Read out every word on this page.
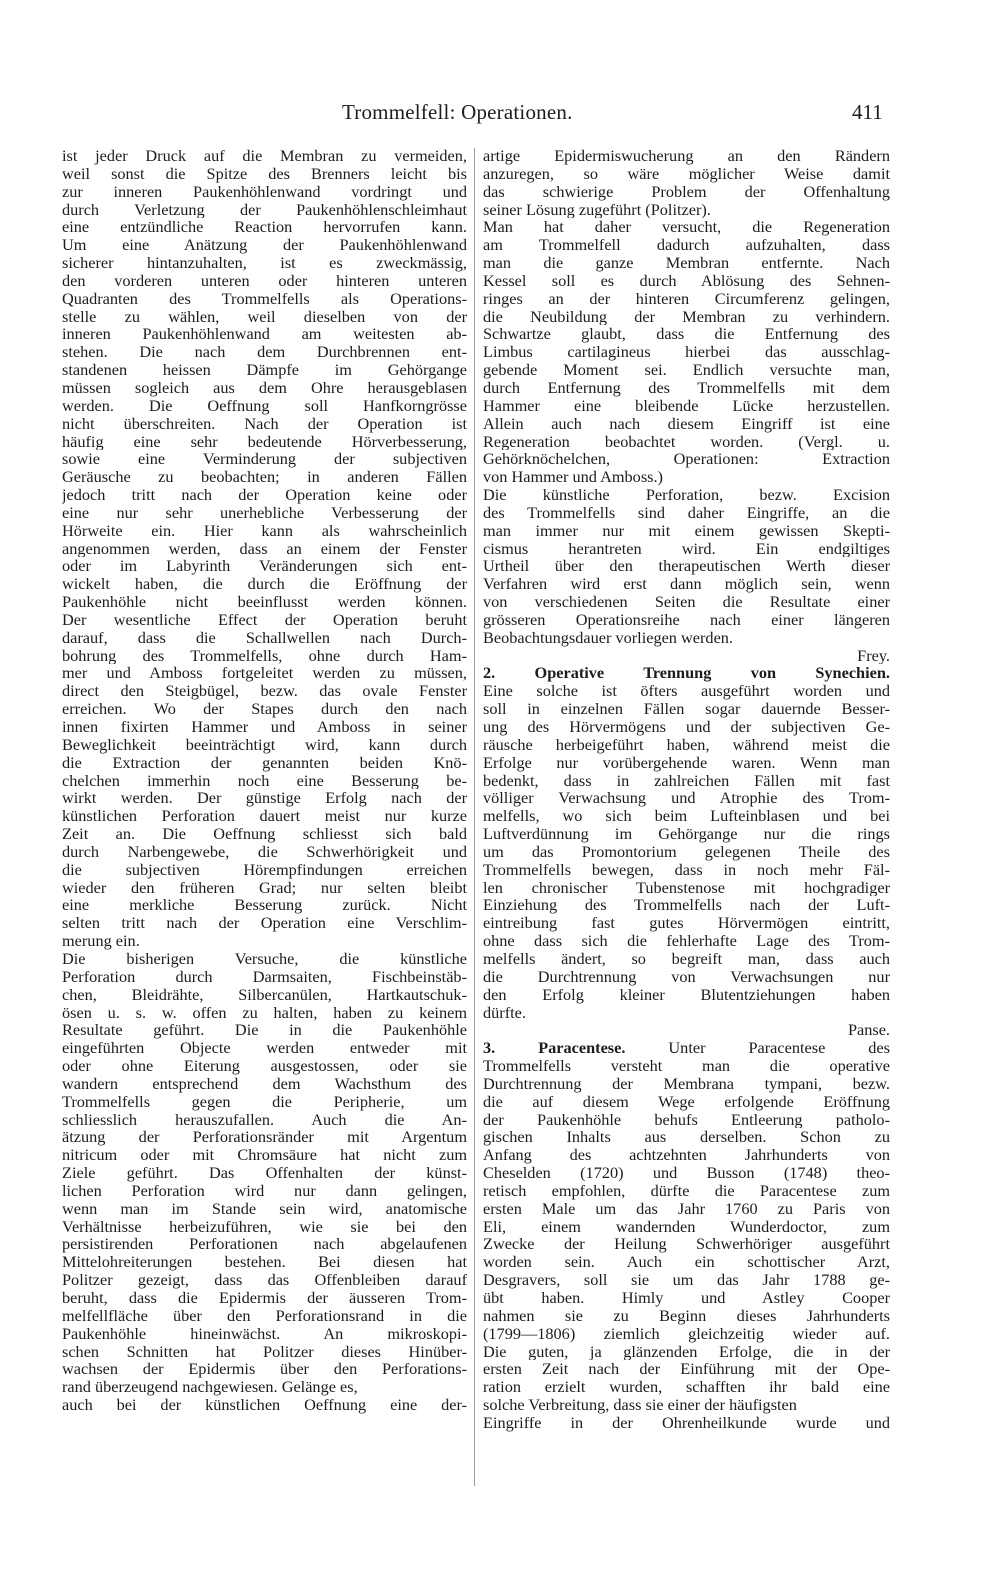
Trommelfell: Operationen.	411
ist jeder Druck auf die Membran zu vermeiden,
weil sonst die Spitze des Brenners leicht bis
zur inneren Paukenhöhlenwand vordringt und
durch Verletzung der Paukenhöhlenschleimhaut
eine entzündliche Reaction hervorrufen kann.
Um eine Anätzung der Paukenhöhlenwand
sicherer hintanzuhalten, ist es zweckmässig,
den vorderen unteren oder hinteren unteren
Quadranten des Trommelfells als Operations-
stelle zu wählen, weil dieselben von der
inneren Paukenhöhlenwand am weitesten ab-
stehen. Die nach dem Durchbrennen ent-
standenen heissen Dämpfe im Gehörgange
müssen sogleich aus dem Ohre herausgeblasen
werden. Die Oeffnung soll Hanfkorngrösse
nicht überschreiten. Nach der Operation ist
häufig eine sehr bedeutende Hörverbesserung,
sowie eine Verminderung der subjectiven
Geräusche zu beobachten; in anderen Fällen
jedoch tritt nach der Operation keine oder
eine nur sehr unerhebliche Verbesserung der
Hörweite ein. Hier kann als wahrscheinlich
angenommen werden, dass an einem der Fenster
oder im Labyrinth Veränderungen sich ent-
wickelt haben, die durch die Eröffnung der
Paukenhöhle nicht beeinflusst werden können.
Der wesentliche Effect der Operation beruht
darauf, dass die Schallwellen nach Durch-
bohrung des Trommelfells, ohne durch Ham-
mer und Amboss fortgeleitet werden zu müssen,
direct den Steigbügel, bezw. das ovale Fenster
erreichen. Wo der Stapes durch den nach
innen fixirten Hammer und Amboss in seiner
Beweglichkeit beeinträchtigt wird, kann durch
die Extraction der genannten beiden Knö-
chelchen immerhin noch eine Besserung be-
wirkt werden. Der günstige Erfolg nach der
künstlichen Perforation dauert meist nur kurze
Zeit an. Die Oeffnung schliesst sich bald
durch Narbengewebe, die Schwerhörigkeit und
die subjectiven Hörempfindungen erreichen
wieder den früheren Grad; nur selten bleibt
eine merkliche Besserung zurück. Nicht
selten tritt nach der Operation eine Verschlim-
merung ein.
Die bisherigen Versuche, die künstliche
Perforation durch Darmsaiten, Fischbeinstäb-
chen, Bleidrähte, Silbercanülen, Hartkautschuk-
ösen u. s. w. offen zu halten, haben zu keinem
Resultate geführt. Die in die Paukenhöhle
eingeführten Objecte werden entweder mit
oder ohne Eiterung ausgestossen, oder sie
wandern entsprechend dem Wachsthum des
Trommelfells gegen die Peripherie, um
schliesslich herauszufallen. Auch die An-
ätzung der Perforationsränder mit Argentum
nitricum oder mit Chromsäure hat nicht zum
Ziele geführt. Das Offenhalten der künst-
lichen Perforation wird nur dann gelingen,
wenn man im Stande sein wird, anatomische
Verhältnisse herbeizuführen, wie sie bei den
persistirenden Perforationen nach abgelaufenen
Mittelohreiterungen bestehen. Bei diesen hat
Politzer gezeigt, dass das Offenbleiben darauf
beruht, dass die Epidermis der äusseren Trom-
melfellfläche über den Perforationsrand in die
Paukenhöhle hineinwächst. An mikroskopi-
schen Schnitten hat Politzer dieses Hinüber-
wachsen der Epidermis über den Perforations-
rand überzeugend nachgewiesen. Gelänge es,
auch bei der künstlichen Oeffnung eine der-
artige Epidermiswucherung an den Rändern
anzuregen, so wäre möglicher Weise damit
das schwierige Problem der Offenhaltung
seiner Lösung zugeführt (Politzer).
Man hat daher versucht, die Regeneration
am Trommelfell dadurch aufzuhalten, dass
man die ganze Membran entfernte. Nach
Kessel soll es durch Ablösung des Sehnen-
ringes an der hinteren Circumferenz gelingen,
die Neubildung der Membran zu verhindern.
Schwartze glaubt, dass die Entfernung des
Limbus cartilagineus hierbei das ausschlag-
gebende Moment sei. Endlich versuchte man,
durch Entfernung des Trommelfells mit dem
Hammer eine bleibende Lücke herzustellen.
Allein auch nach diesem Eingriff ist eine
Regeneration beobachtet worden. (Vergl. u.
Gehörknöchelchen, Operationen: Extraction
von Hammer und Amboss.)
Die künstliche Perforation, bezw. Excision
des Trommelfells sind daher Eingriffe, an die
man immer nur mit einem gewissen Skepti-
cismus herantreten wird. Ein endgiltiges
Urtheil über den therapeutischen Werth dieser
Verfahren wird erst dann möglich sein, wenn
von verschiedenen Seiten die Resultate einer
grösseren Operationsreihe nach einer längeren
Beobachtungsdauer vorliegen werden.
Frey.
2. Operative Trennung von Synechien.
Eine solche ist öfters ausgeführt worden und
soll in einzelnen Fällen sogar dauernde Besser-
ung des Hörvermögens und der subjectiven Ge-
räusche herbeigeführt haben, während meist die
Erfolge nur vorübergehende waren. Wenn man
bedenkt, dass in zahlreichen Fällen mit fast
völliger Verwachsung und Atrophie des Trom-
melfells, wo sich beim Lufteinblasen und bei
Luftverdünnung im Gehörgange nur die rings
um das Promontorium gelegenen Theile des
Trommelfells bewegen, dass in noch mehr Fäl-
len chronischer Tubenstenose mit hochgradiger
Einziehung des Trommelfells nach der Luft-
eintreibung fast gutes Hörvermögen eintritt,
ohne dass sich die fehlerhafte Lage des Trom-
melfells ändert, so begreift man, dass auch
die Durchtrennung von Verwachsungen nur
den Erfolg kleiner Blutentziehungen haben
dürfte.
Panse.
3. Paracentese. Unter Paracentese des
Trommelfells versteht man die operative
Durchtrennung der Membrana tympani, bezw.
die auf diesem Wege erfolgende Eröffnung
der Paukenhöhle behufs Entleerung patholo-
gischen Inhalts aus derselben. Schon zu
Anfang des achtzehnten Jahrhunderts von
Cheselden (1720) und Busson (1748) theo-
retisch empfohlen, dürfte die Paracentese zum
ersten Male um das Jahr 1760 zu Paris von
Eli, einem wandernden Wunderdoctor, zum
Zwecke der Heilung Schwerhöriger ausgeführt
worden sein. Auch ein schottischer Arzt,
Desgravers, soll sie um das Jahr 1788 ge-
übt haben. Himly und Astley Cooper
nahmen sie zu Beginn dieses Jahrhunderts
(1799—1806) ziemlich gleichzeitig wieder auf.
Die guten, ja glänzenden Erfolge, die in der
ersten Zeit nach der Einführung mit der Ope-
ration erzielt wurden, schafften ihr bald eine
solche Verbreitung, dass sie einer der häufigsten
Eingriffe in der Ohrenheilkunde wurde und
